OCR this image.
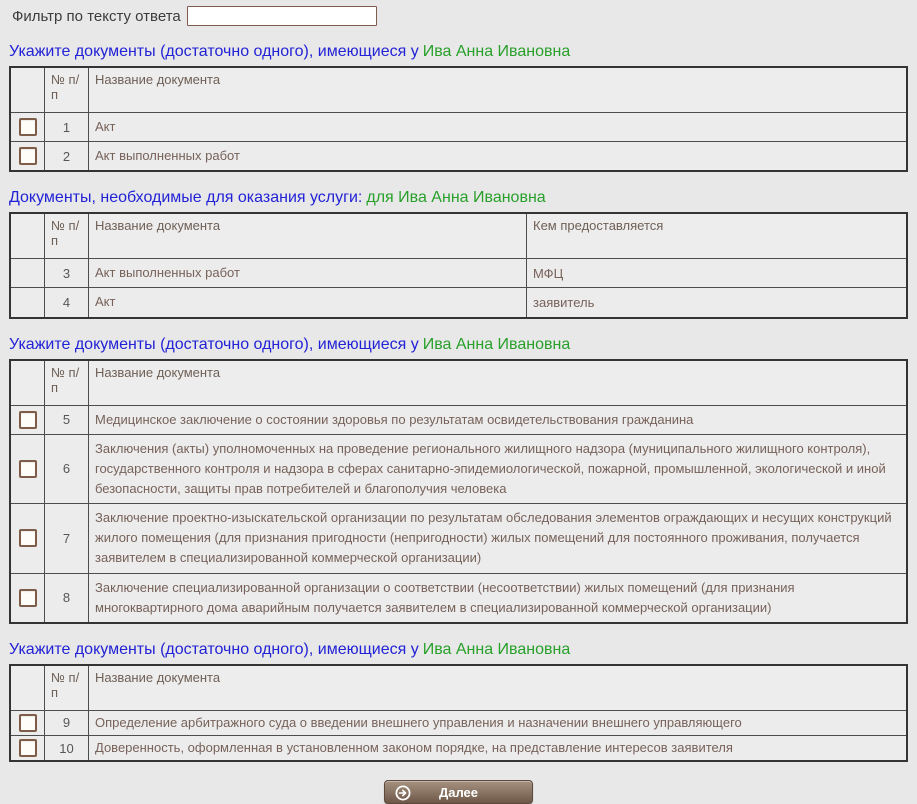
Фильтр по тексту ответа
Укажите документы (достаточно одного), имеющиеся у Ива Анна Ивановна
	№ п/п	Название документа
	1	Акт
	2	Акт выполненных работ
Документы, необходимые для оказания услуги: для Ива Анна Ивановна
	№ п/п	Название документа	Кем предоставляется
	3	Акт выполненных работ	МФЦ
	4	Акт	заявитель
Укажите документы (достаточно одного), имеющиеся у Ива Анна Ивановна
	№ п/п	Название документа
	5	Медицинское заключение о состоянии здоровья по результатам освидетельствования гражданина
	6	Заключения (акты) уполномоченных на проведение регионального жилищного надзора (муниципального жилищного контроля), государственного контроля и надзора в сферах санитарно-эпидемиологической, пожарной, промышленной, экологической и иной безопасности, защиты прав потребителей и благополучия человека
	7	Заключение проектно-изыскательской организации по результатам обследования элементов ограждающих и несущих конструкций жилого помещения (для признания пригодности (непригодности) жилых помещений для постоянного проживания, получается заявителем в специализированной коммерческой организации)
	8	Заключение специализированной организации о соответствии (несоответствии) жилых помещений (для признания многоквартирного дома аварийным получается заявителем в специализированной коммерческой организации)
Укажите документы (достаточно одного), имеющиеся у Ива Анна Ивановна
	№ п/п	Название документа
	9	Определение арбитражного суда о введении внешнего управления и назначении внешнего управляющего
	10	Доверенность, оформленная в установленном законом порядке, на представление интересов заявителя
Далее
